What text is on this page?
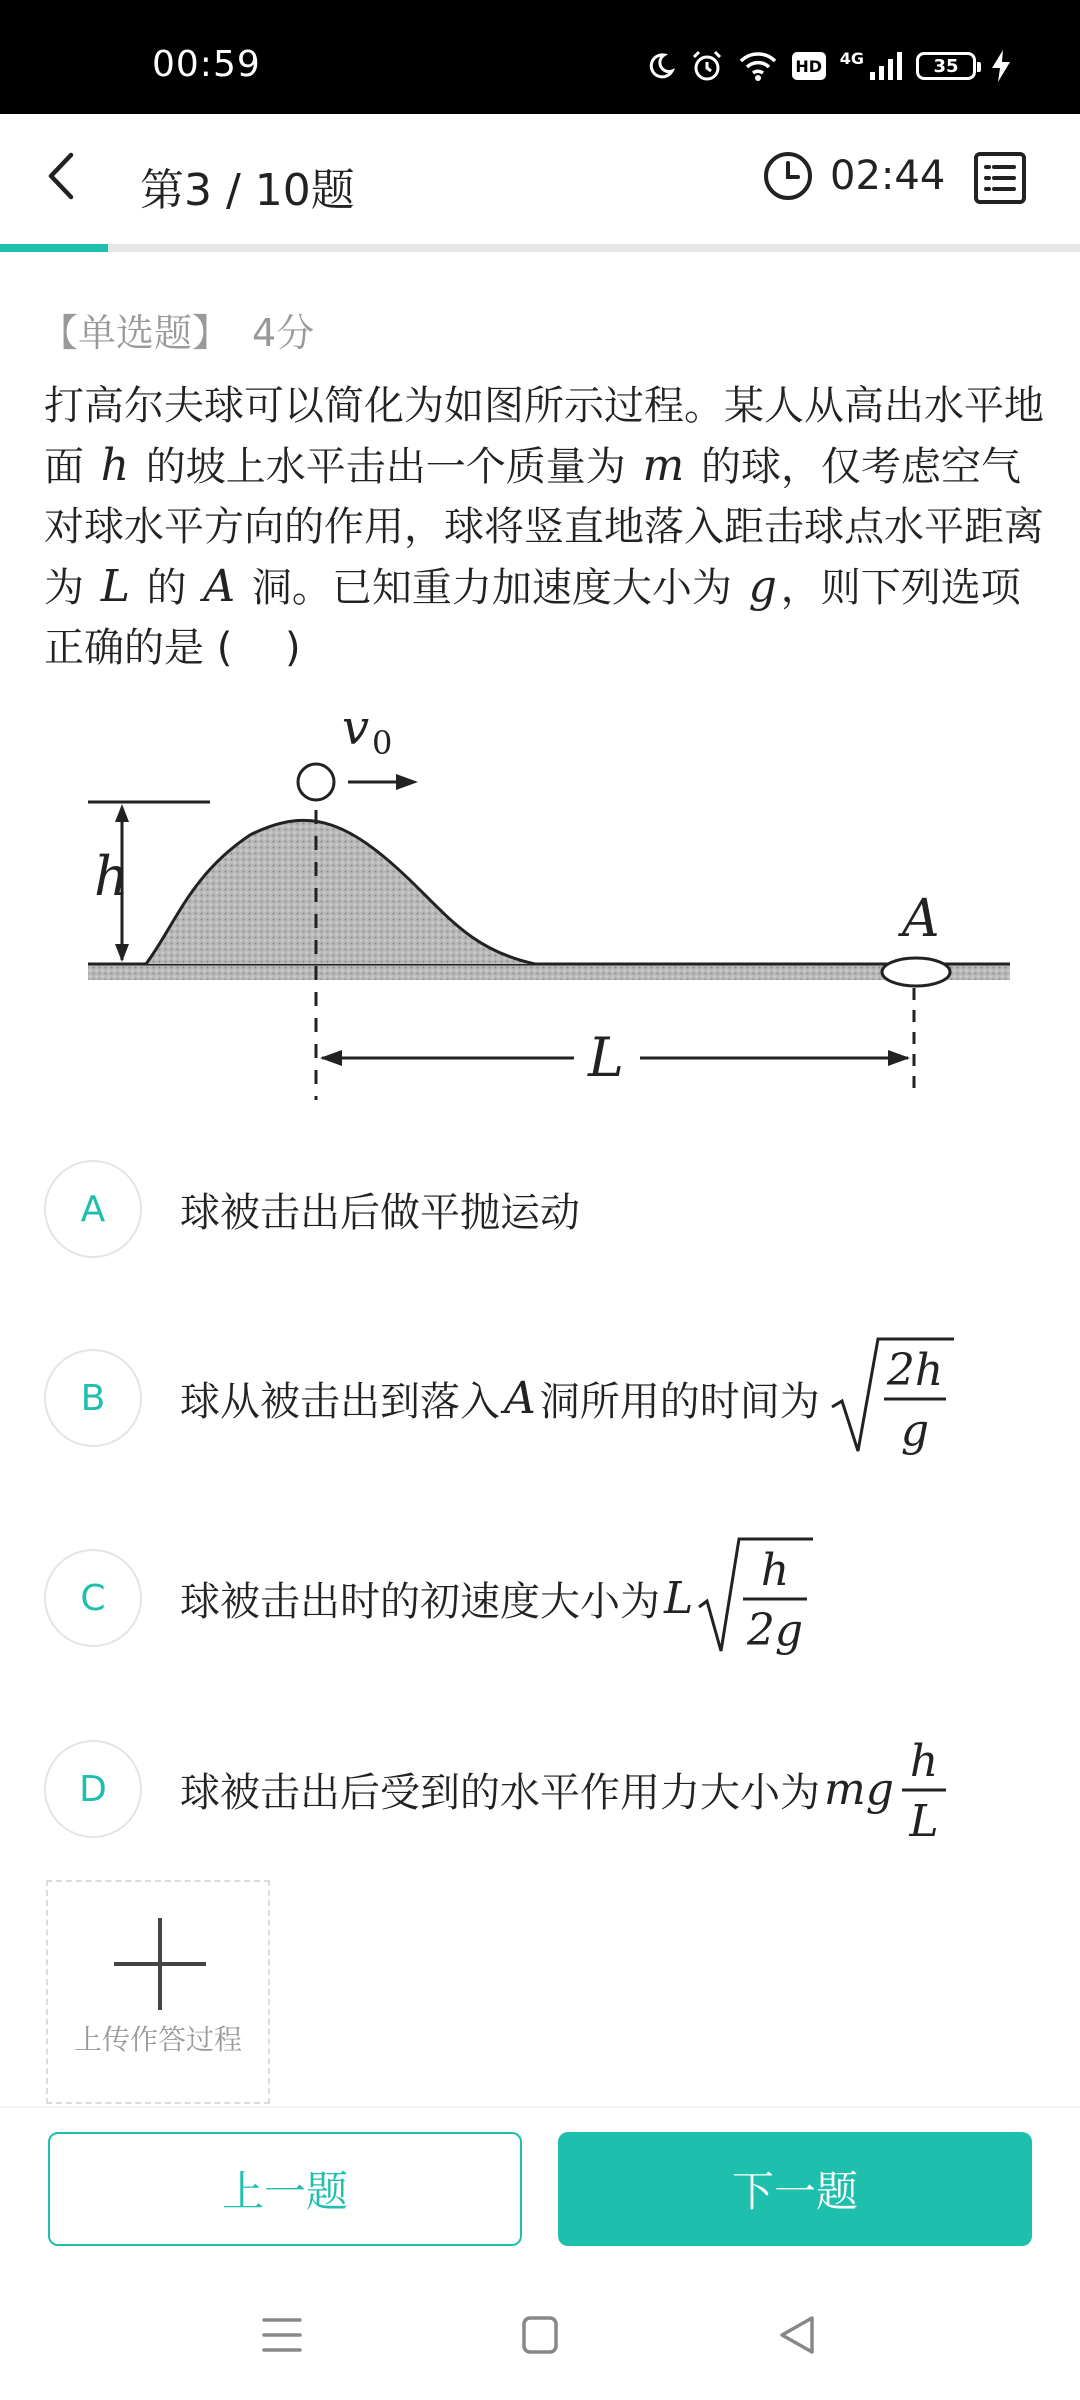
00:59	HD 4G	35
第3 / 10题	02:44
【单选题】 4分
打高尔夫球可以简化为如图所示过程。某人从高出水平地面 h 的坡上水平击出一个质量为 m 的球，仅考虑空气对球水平方向的作用，球将竖直地落入距击球点水平距离为 L 的 A 洞。已知重力加速度大小为 g ，则下列选项正确的是 (　 )
h
v 0
A
L
A	球被击出后做平抛运动
B	球从被击出到落入 A 洞所用的时间为
2h
g
C	球被击出时的初速度大小为 L
h
2g
D	球被击出后受到的水平作用力大小为 mg
h
L
上传作答过程
上一题	下一题
